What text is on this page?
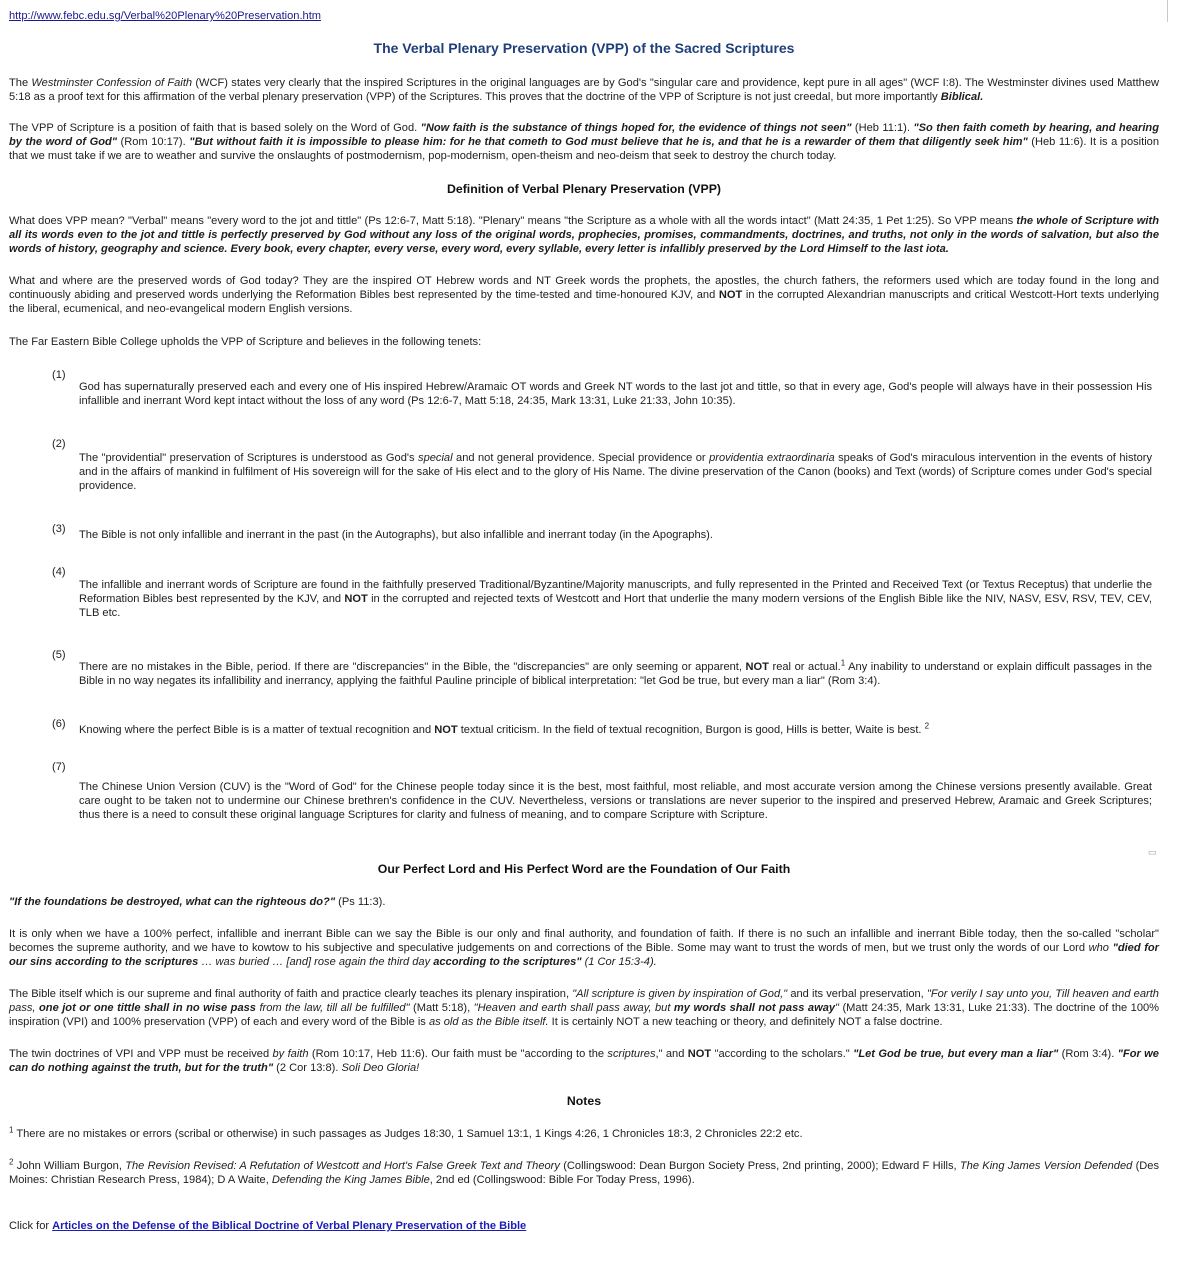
http://www.febc.edu.sg/Verbal%20Plenary%20Preservation.htm
The Verbal Plenary Preservation (VPP) of the Sacred Scriptures
The Westminster Confession of Faith (WCF) states very clearly that the inspired Scriptures in the original languages are by God's "singular care and providence, kept pure in all ages" (WCF I:8). The Westminster divines used Matthew 5:18 as a proof text for this affirmation of the verbal plenary preservation (VPP) of the Scriptures. This proves that the doctrine of the VPP of Scripture is not just creedal, but more importantly Biblical.
The VPP of Scripture is a position of faith that is based solely on the Word of God. "Now faith is the substance of things hoped for, the evidence of things not seen" (Heb 11:1). "So then faith cometh by hearing, and hearing by the word of God" (Rom 10:17). "But without faith it is impossible to please him: for he that cometh to God must believe that he is, and that he is a rewarder of them that diligently seek him" (Heb 11:6). It is a position that we must take if we are to weather and survive the onslaughts of postmodernism, pop-modernism, open-theism and neo-deism that seek to destroy the church today.
Definition of Verbal Plenary Preservation (VPP)
What does VPP mean? "Verbal" means "every word to the jot and tittle" (Ps 12:6-7, Matt 5:18). "Plenary" means "the Scripture as a whole with all the words intact" (Matt 24:35, 1 Pet 1:25). So VPP means the whole of Scripture with all its words even to the jot and tittle is perfectly preserved by God without any loss of the original words, prophecies, promises, commandments, doctrines, and truths, not only in the words of salvation, but also the words of history, geography and science. Every book, every chapter, every verse, every word, every syllable, every letter is infallibly preserved by the Lord Himself to the last iota.
What and where are the preserved words of God today? They are the inspired OT Hebrew words and NT Greek words the prophets, the apostles, the church fathers, the reformers used which are today found in the long and continuously abiding and preserved words underlying the Reformation Bibles best represented by the time-tested and time-honoured KJV, and NOT in the corrupted Alexandrian manuscripts and critical Westcott-Hort texts underlying the liberal, ecumenical, and neo-evangelical modern English versions.
The Far Eastern Bible College upholds the VPP of Scripture and believes in the following tenets:
(1)
God has supernaturally preserved each and every one of His inspired Hebrew/Aramaic OT words and Greek NT words to the last jot and tittle, so that in every age, God's people will always have in their possession His infallible and inerrant Word kept intact without the loss of any word (Ps 12:6-7, Matt 5:18, 24:35, Mark 13:31, Luke 21:33, John 10:35).
(2)
The "providential" preservation of Scriptures is understood as God's special and not general providence. Special providence or providentia extraordinaria speaks of God's miraculous intervention in the events of history and in the affairs of mankind in fulfilment of His sovereign will for the sake of His elect and to the glory of His Name. The divine preservation of the Canon (books) and Text (words) of Scripture comes under God's special providence.
(3) The Bible is not only infallible and inerrant in the past (in the Autographs), but also infallible and inerrant today (in the Apographs).
(4)
The infallible and inerrant words of Scripture are found in the faithfully preserved Traditional/Byzantine/Majority manuscripts, and fully represented in the Printed and Received Text (or Textus Receptus) that underlie the Reformation Bibles best represented by the KJV, and NOT in the corrupted and rejected texts of Westcott and Hort that underlie the many modern versions of the English Bible like the NIV, NASV, ESV, RSV, TEV, CEV, TLB etc.
(5)
There are no mistakes in the Bible, period. If there are "discrepancies" in the Bible, the "discrepancies" are only seeming or apparent, NOT real or actual.$^1$ Any inability to understand or explain difficult passages in the Bible in no way negates its infallibility and inerrancy, applying the faithful Pauline principle of biblical interpretation: "let God be true, but every man a liar" (Rom 3:4).
(6) Knowing where the perfect Bible is is a matter of textual recognition and NOT textual criticism. In the field of textual recognition, Burgon is good, Hills is better, Waite is best. $^2$
(7)
The Chinese Union Version (CUV) is the "Word of God" for the Chinese people today since it is the best, most faithful, most reliable, and most accurate version among the Chinese versions presently available. Great care ought to be taken not to undermine our Chinese brethren's confidence in the CUV. Nevertheless, versions or translations are never superior to the inspired and preserved Hebrew, Aramaic and Greek Scriptures; thus there is a need to consult these original language Scriptures for clarity and fulness of meaning, and to compare Scripture with Scripture.
Our Perfect Lord and His Perfect Word are the Foundation of Our Faith
"If the foundations be destroyed, what can the righteous do?" (Ps 11:3).
It is only when we have a 100% perfect, infallible and inerrant Bible can we say the Bible is our only and final authority, and foundation of faith. If there is no such an infallible and inerrant Bible today, then the so-called "scholar" becomes the supreme authority, and we have to kowtow to his subjective and speculative judgements on and corrections of the Bible. Some may want to trust the words of men, but we trust only the words of our Lord who "died for our sins according to the scriptures … was buried … [and] rose again the third day according to the scriptures" (1 Cor 15:3-4).
The Bible itself which is our supreme and final authority of faith and practice clearly teaches its plenary inspiration, "All scripture is given by inspiration of God," and its verbal preservation, "For verily I say unto you, Till heaven and earth pass, one jot or one tittle shall in no wise pass from the law, till all be fulfilled" (Matt 5:18), "Heaven and earth shall pass away, but my words shall not pass away" (Matt 24:35, Mark 13:31, Luke 21:33). The doctrine of the 100% inspiration (VPI) and 100% preservation (VPP) of each and every word of the Bible is as old as the Bible itself. It is certainly NOT a new teaching or theory, and definitely NOT a false doctrine.
The twin doctrines of VPI and VPP must be received by faith (Rom 10:17, Heb 11:6). Our faith must be "according to the scriptures," and NOT "according to the scholars." "Let God be true, but every man a liar" (Rom 3:4). "For we can do nothing against the truth, but for the truth" (2 Cor 13:8). Soli Deo Gloria!
Notes
$^1$ There are no mistakes or errors (scribal or otherwise) in such passages as Judges 18:30, 1 Samuel 13:1, 1 Kings 4:26, 1 Chronicles 18:3, 2 Chronicles 22:2 etc.
$^2$ John William Burgon, The Revision Revised: A Refutation of Westcott and Hort's False Greek Text and Theory (Collingswood: Dean Burgon Society Press, 2nd printing, 2000); Edward F Hills, The King James Version Defended (Des Moines: Christian Research Press, 1984); D A Waite, Defending the King James Bible, 2nd ed (Collingswood: Bible For Today Press, 1996).
Click for Articles on the Defense of the Biblical Doctrine of Verbal Plenary Preservation of the Bible
▭
